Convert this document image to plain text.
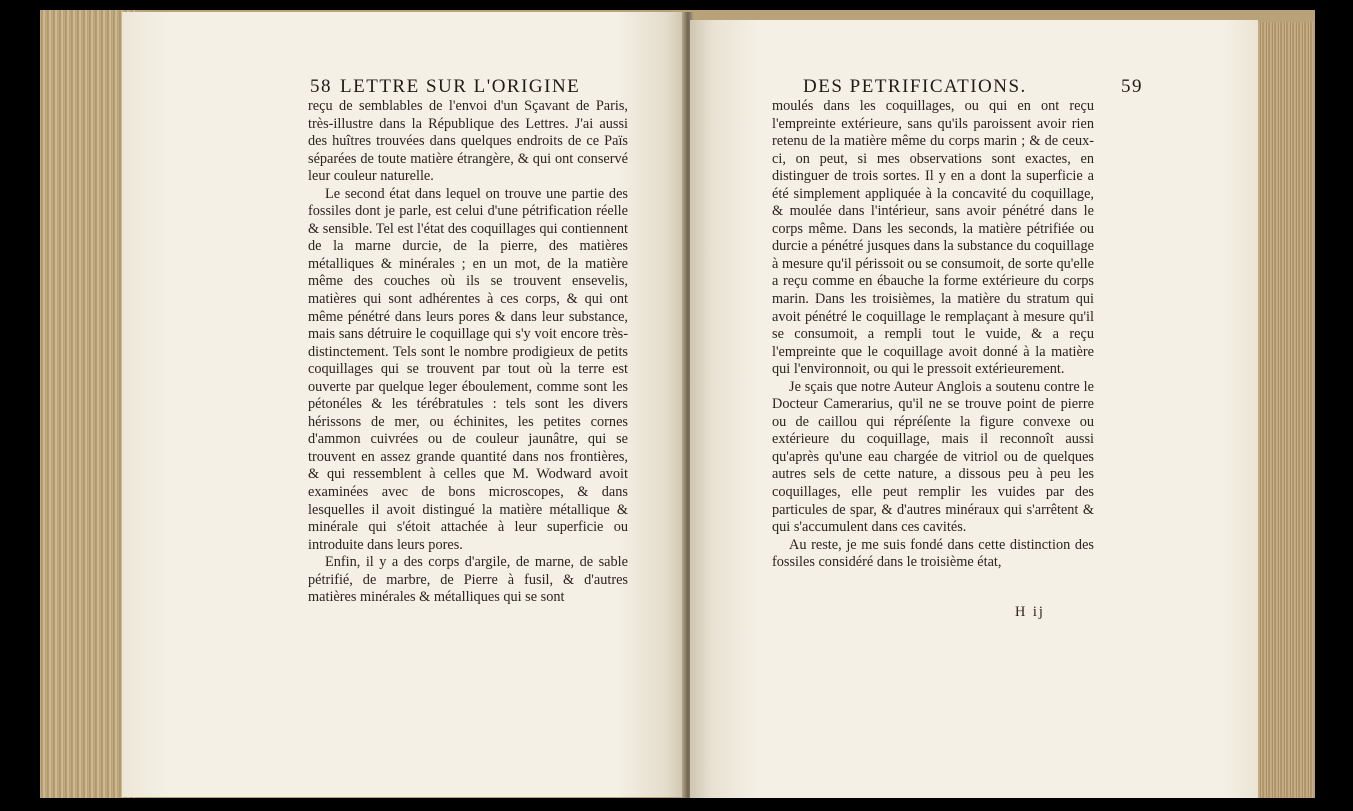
58 LETTRE SUR L'ORIGINE

reçu de semblables de l'envoi d'un Sçavant de Paris, très-illustre dans la République des Lettres. J'ai aussi des huîtres trouvées dans quelques endroits de ce Païs séparées de toute matière étrangère, & qui ont conservé leur couleur naturelle.

Le second état dans lequel on trouve une partie des fossiles dont je parle, est celui d'une pétrification réelle & sensible. Tel est l'état des coquillages qui contiennent de la marne durcie, de la pierre, des matières métalliques & minérales ; en un mot, de la matière même des couches où ils se trouvent ensevelis, matières qui sont adhérentes à ces corps, & qui ont même pénétré dans leurs pores & dans leur substance, mais sans détruire le coquillage qui s'y voit encore très-distinctement. Tels sont le nombre prodigieux de petits coquillages qui se trouvent par tout où la terre est ouverte par quelque leger éboulement, comme sont les pétonéles & les térébratules : tels sont les divers hérissons de mer, ou échinites, les petites cornes d'ammon cuivrées ou de couleur jaunâtre, qui se trouvent en assez grande quantité dans nos frontières, & qui ressemblent à celles que M. Wodward avoit examinées avec de bons microscopes, & dans lesquelles il avoit distingué la matière métallique & minérale qui s'étoit attachée à leur superficie ou introduite dans leurs pores.

Enfin, il y a des corps d'argile, de marne, de sable pétrifié, de marbre, de Pierre à fusil, & d'autres matières minérales & métalliques qui se sont

DES PETRIFICATIONS.	59

moulés dans les coquillages, ou qui en ont reçu l'empreinte extérieure, sans qu'ils paroissent avoir rien retenu de la matière même du corps marin ; & de ceux-ci, on peut, si mes observations sont exactes, en distinguer de trois sortes. Il y en a dont la superficie a été simplement appliquée à la concavité du coquillage, & moulée dans l'intérieur, sans avoir pénétré dans le corps même. Dans les seconds, la matière pétrifiée ou durcie a pénétré jusques dans la substance du coquillage à mesure qu'il périssoit ou se consumoit, de sorte qu'elle a reçu comme en ébauche la forme extérieure du corps marin. Dans les troisièmes, la matière du stratum qui avoit pénétré le coquillage le remplaçant à mesure qu'il se consumoit, a rempli tout le vuide, & a reçu l'empreinte que le coquillage avoit donné à la matière qui l'environnoit, ou qui le pressoit extérieurement.

Je sçais que notre Auteur Anglois a soutenu contre le Docteur Camerarius, qu'il ne se trouve point de pierre ou de caillou qui répréſente la figure convexe ou extérieure du coquillage, mais il reconnoît aussi qu'après qu'une eau chargée de vitriol ou de quelques autres sels de cette nature, a dissous peu à peu les coquillages, elle peut remplir les vuides par des particules de spar, & d'autres minéraux qui s'arrêtent & qui s'accumulent dans ces cavités.

Au reste, je me suis fondé dans cette distinction des fossiles considéré dans le troisième état,

H ij
